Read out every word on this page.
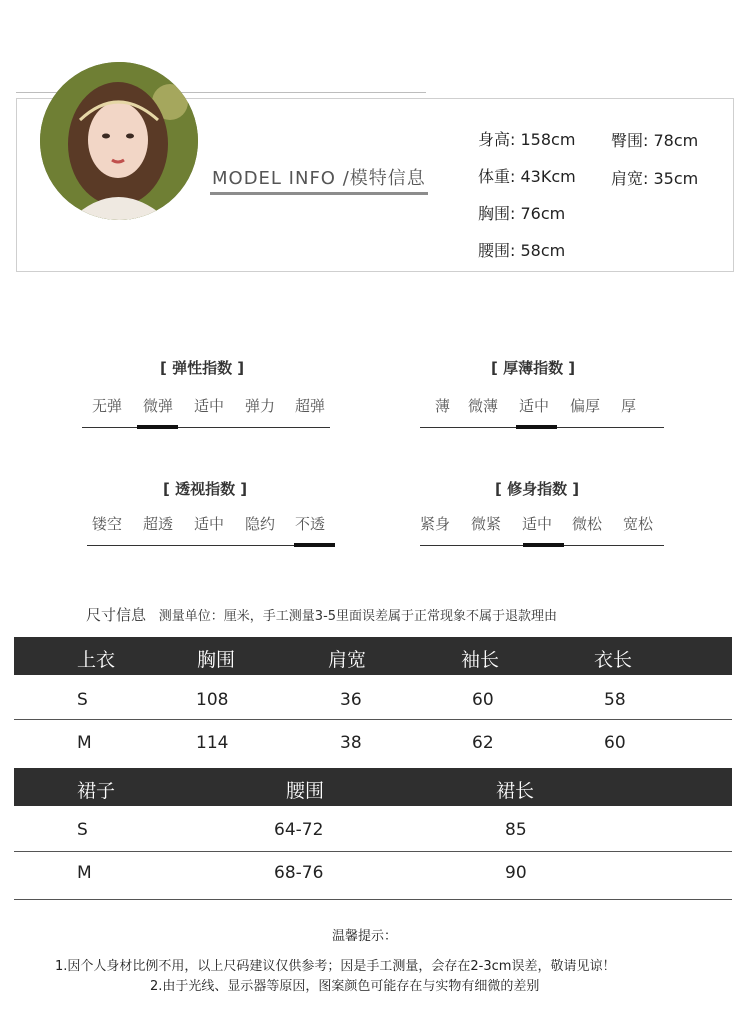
MODEL INFO /模特信息
身高: 158cm
体重: 43Kcm
胸围: 76cm
腰围: 58cm
臀围: 78cm
肩宽: 35cm
[ 弹性指数 ]
无弹 微弹 适中 弹力 超弹
[ 厚薄指数 ]
薄 微薄 适中 偏厚 厚
[ 透视指数 ]
镂空 超透 适中 隐约 不透
[ 修身指数 ]
紧身 微紧 适中 微松 宽松
尺寸信息 测量单位：厘米，手工测量3-5里面误差属于正常现象不属于退款理由
上衣	胸围	肩宽	袖长	衣长
S	108	36	60	58
M	114	38	62	60
裙子	腰围	裙长
S	64-72	85
M	68-76	90
温馨提示：
1.因个人身材比例不用，以上尺码建议仅供参考；因是手工测量，会存在2-3cm误差，敬请见谅！
2.由于光线、显示器等原因，图案颜色可能存在与实物有细微的差别
